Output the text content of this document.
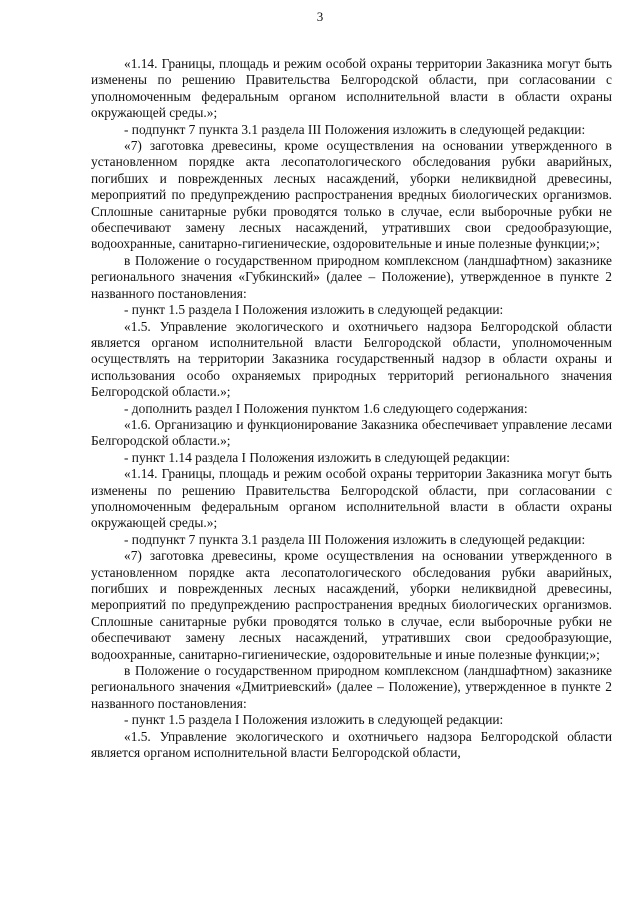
3

«1.14. Границы, площадь и режим особой охраны территории Заказника могут быть изменены по решению Правительства Белгородской области, при согласовании с уполномоченным федеральным органом исполнительной власти в области охраны окружающей среды.»;

- подпункт 7 пункта 3.1 раздела III Положения изложить в следующей редакции:

«7) заготовка древесины, кроме осуществления на основании утвержденного в установленном порядке акта лесопатологического обследования рубки аварийных, погибших и поврежденных лесных насаждений, уборки неликвидной древесины, мероприятий по предупреждению распространения вредных биологических организмов. Сплошные санитарные рубки проводятся только в случае, если выборочные рубки не обеспечивают замену лесных насаждений, утративших свои средообразующие, водоохранные, санитарно-гигиенические, оздоровительные и иные полезные функции;»;

в Положение о государственном природном комплексном (ландшафтном) заказнике регионального значения «Губкинский» (далее – Положение), утвержденное в пункте 2 названного постановления:

- пункт 1.5 раздела I Положения изложить в следующей редакции:

«1.5. Управление экологического и охотничьего надзора Белгородской области является органом исполнительной власти Белгородской области, уполномоченным осуществлять на территории Заказника государственный надзор в области охраны и использования особо охраняемых природных территорий регионального значения Белгородской области.»;

- дополнить раздел I Положения пунктом 1.6 следующего содержания:

«1.6. Организацию и функционирование Заказника обеспечивает управление лесами Белгородской области.»;

- пункт 1.14 раздела I Положения изложить в следующей редакции:

«1.14. Границы, площадь и режим особой охраны территории Заказника могут быть изменены по решению Правительства Белгородской области, при согласовании с уполномоченным федеральным органом исполнительной власти в области охраны окружающей среды.»;

- подпункт 7 пункта 3.1 раздела III Положения изложить в следующей редакции:

«7) заготовка древесины, кроме осуществления на основании утвержденного в установленном порядке акта лесопатологического обследования рубки аварийных, погибших и поврежденных лесных насаждений, уборки неликвидной древесины, мероприятий по предупреждению распространения вредных биологических организмов. Сплошные санитарные рубки проводятся только в случае, если выборочные рубки не обеспечивают замену лесных насаждений, утративших свои средообразующие, водоохранные, санитарно-гигиенические, оздоровительные и иные полезные функции;»;

в Положение о государственном природном комплексном (ландшафтном) заказнике регионального значения «Дмитриевский» (далее – Положение), утвержденное в пункте 2 названного постановления:

- пункт 1.5 раздела I Положения изложить в следующей редакции:

«1.5. Управление экологического и охотничьего надзора Белгородской области является органом исполнительной власти Белгородской области,
